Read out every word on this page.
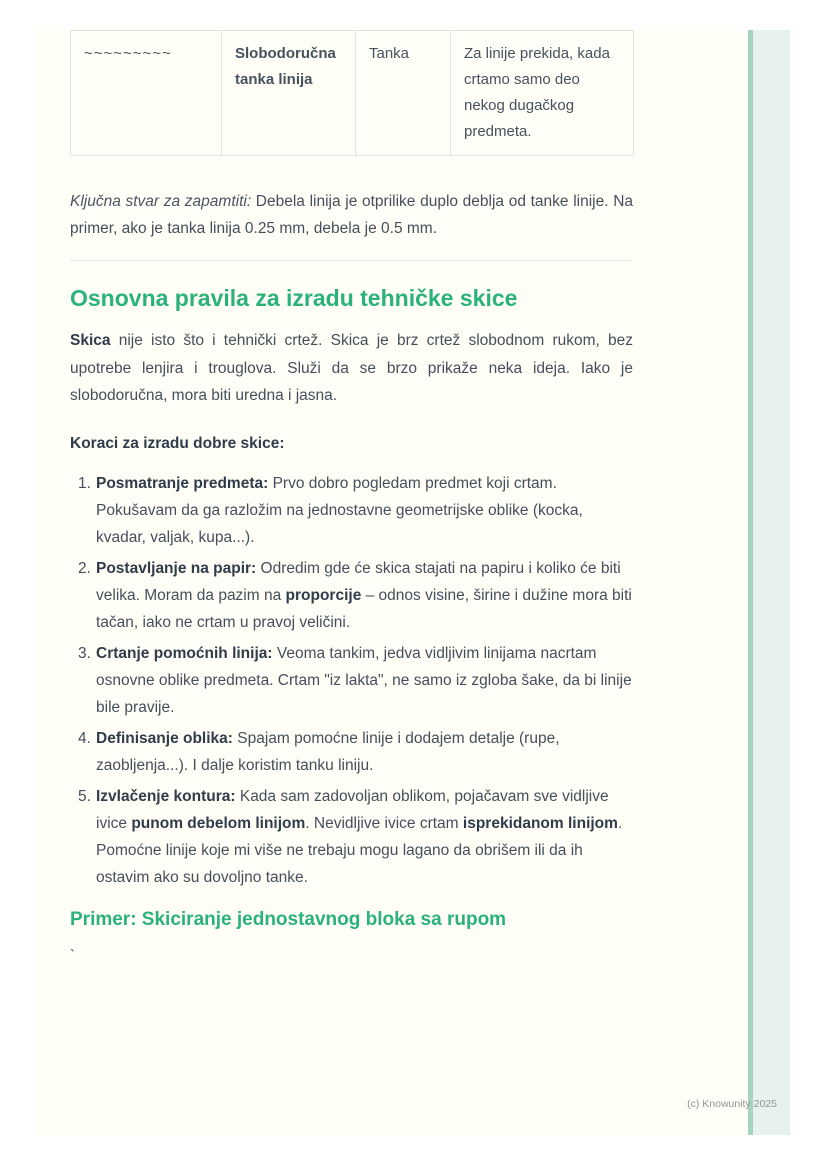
~~~~~~~~~	Slobodoručna tanka linija	Tanka	Za linije prekida, kada crtamo samo deo nekog dugačkog predmeta.

Ključna stvar za zapamtiti: Debela linija je otprilike duplo deblja od tanke linije. Na primer, ako je tanka linija 0.25 mm, debela je 0.5 mm.

Osnovna pravila za izradu tehničke skice

Skica nije isto što i tehnički crtež. Skica je brz crtež slobodnom rukom, bez upotrebe lenjira i trouglova. Služi da se brzo prikaže neka ideja. Iako je slobodoručna, mora biti uredna i jasna.

Koraci za izradu dobre skice:

1. Posmatranje predmeta: Prvo dobro pogledam predmet koji crtam. Pokušavam da ga razložim na jednostavne geometrijske oblike (kocka, kvadar, valjak, kupa...).
2. Postavljanje na papir: Odredim gde će skica stajati na papiru i koliko će biti velika. Moram da pazim na proporcije – odnos visine, širine i dužine mora biti tačan, iako ne crtam u pravoj veličini.
3. Crtanje pomoćnih linija: Veoma tankim, jedva vidljivim linijama nacrtam osnovne oblike predmeta. Crtam "iz lakta", ne samo iz zgloba šake, da bi linije bile pravije.
4. Definisanje oblika: Spajam pomoćne linije i dodajem detalje (rupe, zaobljenja...). I dalje koristim tanku liniju.
5. Izvlačenje kontura: Kada sam zadovoljan oblikom, pojačavam sve vidljive ivice punom debelom linijom. Nevidljive ivice crtam isprekidanom linijom. Pomoćne linije koje mi više ne trebaju mogu lagano da obrišem ili da ih ostavim ako su dovoljno tanke.
Primer: Skiciranje jednostavnog bloka sa rupom

`

(c) Knowunity 2025
